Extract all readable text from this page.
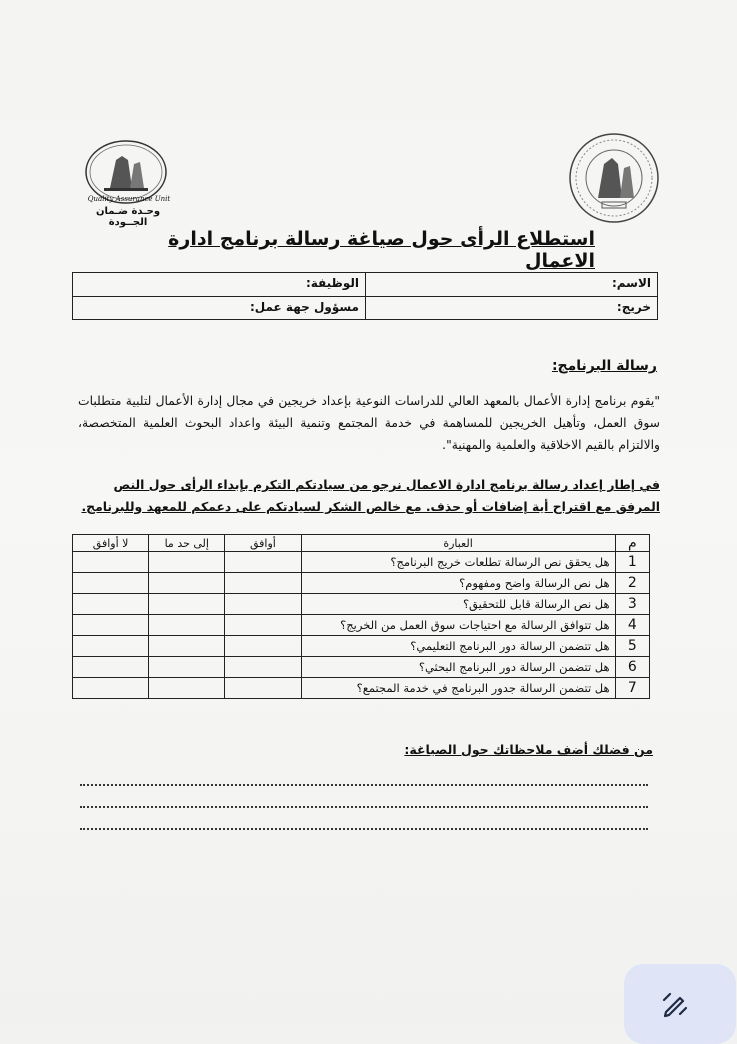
Quality Assurance Unit
وحـدة ضـمان الجــودة
استطلاع الرأى حول صياغة رسالة برنامج ادارة الاعمال
الاسم:
الوظيفة:
خريج:
مسؤول جهة عمل:
رسالة البرنامج:
"يقوم برنامج إدارة الأعمال بالمعهد العالي للدراسات النوعية بإعداد خريجين في مجال إدارة الأعمال لتلبية متطلبات سوق العمل، وتأهيل الخريجين للمساهمة في خدمة المجتمع وتنمية البيئة واعداد البحوث العلمية المتخصصة، والالتزام بالقيم الاخلاقية والعلمية والمهنية".
في إطار إعداد رسالة برنامج ادارة الاعمال نرجو من سيادتكم التكرم بإبداء الرأى حول النص المرفق مع اقتراح أية إضافات أو حذف. مع خالص الشكر لسيادتكم على دعمكم للمعهد وللبرنامج.
م	العبارة	أوافق	إلى حد ما	لا أوافق
1	هل يحقق نص الرسالة تطلعات خريج البرنامج؟			
2	هل نص الرسالة واضح ومفهوم؟			
3	هل نص الرسالة قابل للتحقيق؟			
4	هل تتوافق الرسالة مع احتياجات سوق العمل من الخريج؟			
5	هل تتضمن الرسالة دور البرنامج التعليمي؟			
6	هل تتضمن الرسالة دور البرنامج البحثي؟			
7	هل تتضمن الرسالة جدور البرنامج في خدمة المجتمع؟			
من فضلك أضف ملاحظاتك حول الصياغة:
